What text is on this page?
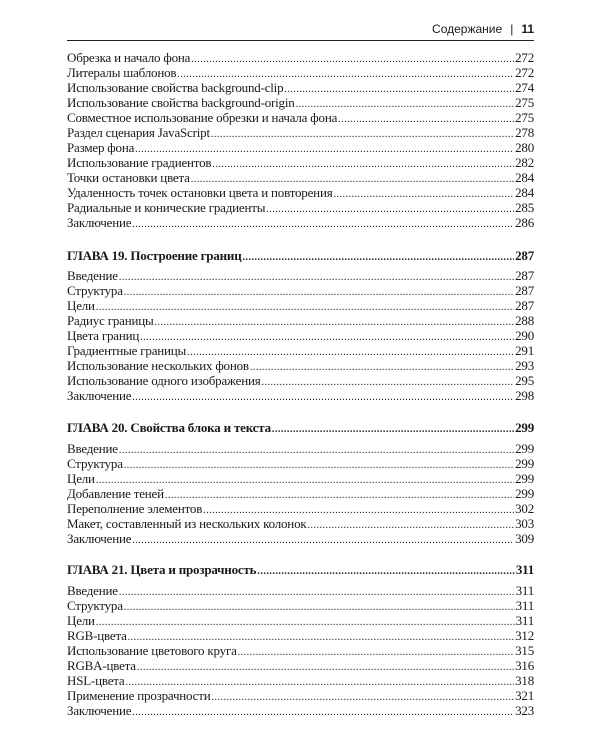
Содержание | 11
Обрезка и начало фона .....	272
Литералы шаблонов .....	272
Использование свойства background-clip .....	274
Использование свойства background-origin .....	275
Совместное использование обрезки и начала фона .....	275
Раздел сценария JavaScript .....	278
Размер фона .....	280
Использование градиентов .....	282
Точки остановки цвета .....	284
Удаленность точек остановки цвета и повторения .....	284
Радиальные и конические градиенты .....	285
Заключение .....	286
ГЛАВА 19. Построение границ .....	287
Введение .....	287
Структура .....	287
Цели .....	287
Радиус границы .....	288
Цвета границ .....	290
Градиентные границы .....	291
Использование нескольких фонов .....	293
Использование одного изображения .....	295
Заключение .....	298
ГЛАВА 20. Свойства блока и текста .....	299
Введение .....	299
Структура .....	299
Цели .....	299
Добавление теней .....	299
Переполнение элементов .....	302
Макет, составленный из нескольких колонок .....	303
Заключение .....	309
ГЛАВА 21. Цвета и прозрачность .....	311
Введение .....	311
Структура .....	311
Цели .....	311
RGB-цвета .....	312
Использование цветового круга .....	315
RGBA-цвета .....	316
HSL-цвета .....	318
Применение прозрачности .....	321
Заключение .....	323
